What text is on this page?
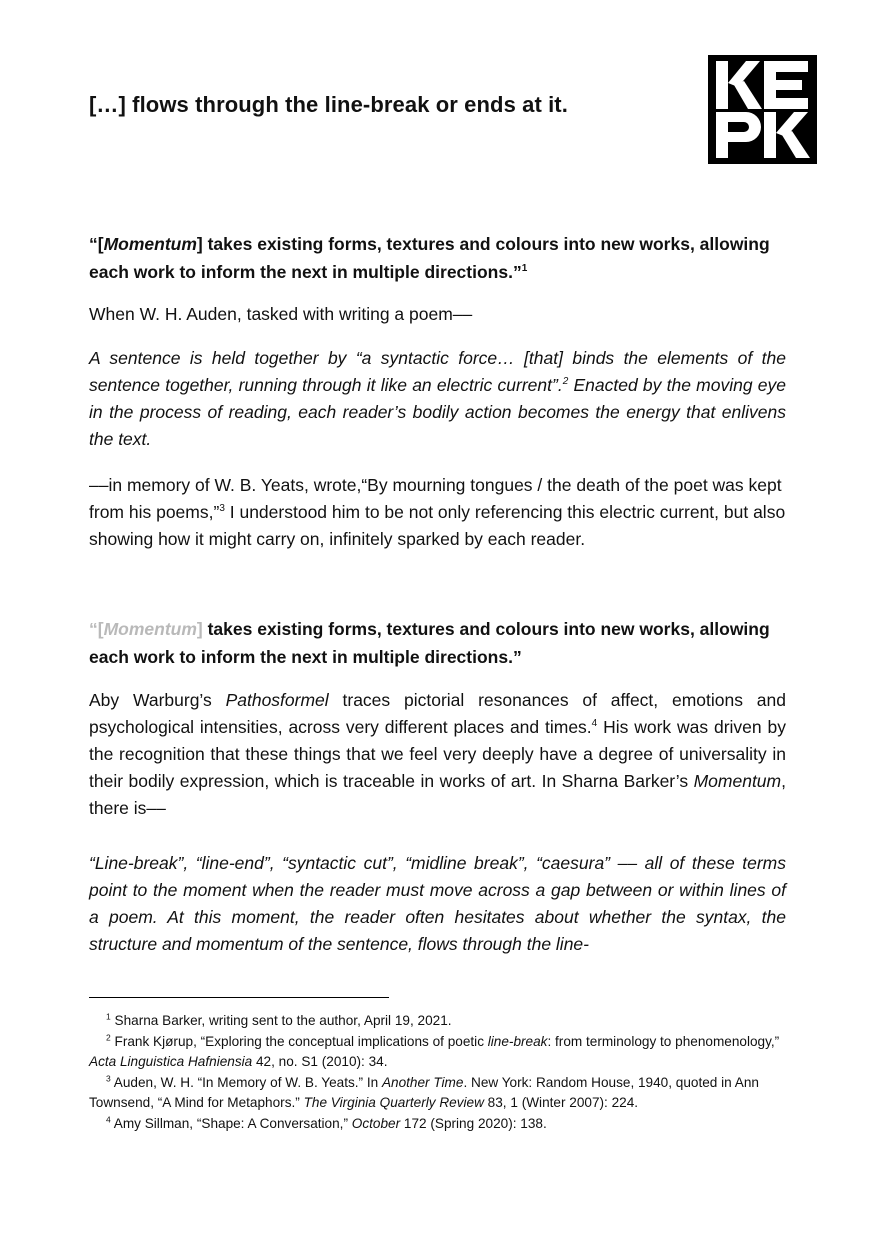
[…] flows through the line-break or ends at it.

“[Momentum] takes existing forms, textures and colours into new works, allowing each work to inform the next in multiple directions.”$^1$

When W. H. Auden, tasked with writing a poem––

A sentence is held together by “a syntactic force… [that] binds the elements of the sentence together, running through it like an electric current”.$^2$ Enacted by the moving eye in the process of reading, each reader’s bodily action becomes the energy that enlivens the text.

––in memory of W. B. Yeats, wrote,“By mourning tongues / the death of the poet was kept from his poems,”$^3$ I understood him to be not only referencing this electric current, but also showing how it might carry on, infinitely sparked by each reader.

“[Momentum] takes existing forms, textures and colours into new works, allowing each work to inform the next in multiple directions.”

Aby Warburg’s Pathosformel traces pictorial resonances of affect, emotions and psychological intensities, across very different places and times.$^4$ His work was driven by the recognition that these things that we feel very deeply have a degree of universality in their bodily expression, which is traceable in works of art. In Sharna Barker’s Momentum, there is––

“Line-break”, “line-end”, “syntactic cut”, “midline break”, “caesura” –– all of these terms point to the moment when the reader must move across a gap between or within lines of a poem. At this moment, the reader often hesitates about whether the syntax, the structure and momentum of the sentence, flows through the line-

$^1$ Sharna Barker, writing sent to the author, April 19, 2021.

$^2$ Frank Kjørup, “Exploring the conceptual implications of poetic line-break: from terminology to phenomenology,” Acta Linguistica Hafniensia 42, no. S1 (2010): 34.

$^3$ Auden, W. H. “In Memory of W. B. Yeats.” In Another Time. New York: Random House, 1940, quoted in Ann Townsend, “A Mind for Metaphors.” The Virginia Quarterly Review 83, 1 (Winter 2007): 224.

$^4$ Amy Sillman, “Shape: A Conversation,” October 172 (Spring 2020): 138.
